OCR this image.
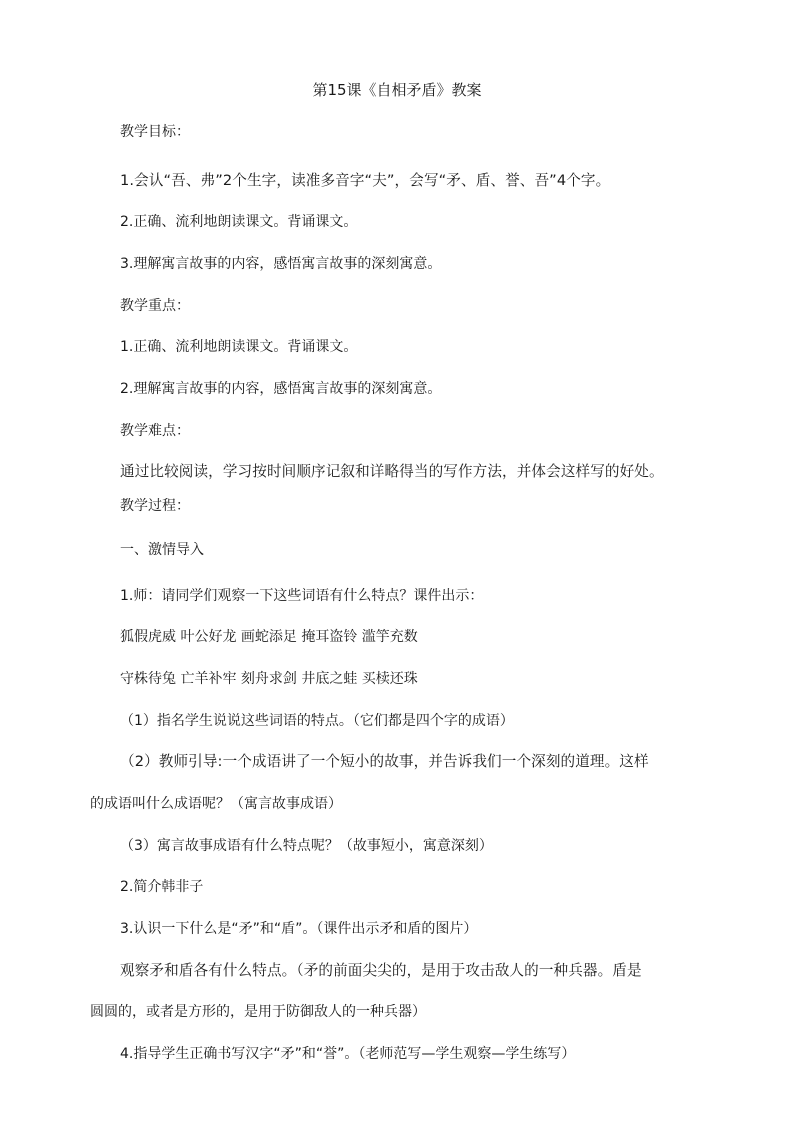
第15课《自相矛盾》教案
教学目标：
1.会认“吾、弗”2个生字，读准多音字“夫”，会写“矛、盾、誉、吾”4个字。
2.正确、流利地朗读课文。背诵课文。
3.理解寓言故事的内容，感悟寓言故事的深刻寓意。
教学重点：
1.正确、流利地朗读课文。背诵课文。
2.理解寓言故事的内容，感悟寓言故事的深刻寓意。
教学难点：
通过比较阅读，学习按时间顺序记叙和详略得当的写作方法，并体会这样写的好处。
教学过程：
一、激情导入
1.师：请同学们观察一下这些词语有什么特点？课件出示：
狐假虎威 叶公好龙 画蛇添足 掩耳盗铃 滥竽充数
守株待兔 亡羊补牢 刻舟求剑 井底之蛙 买椟还珠
（1）指名学生说说这些词语的特点。（它们都是四个字的成语）
（2）教师引导:一个成语讲了一个短小的故事，并告诉我们一个深刻的道理。这样
的成语叫什么成语呢？（寓言故事成语）
（3）寓言故事成语有什么特点呢？（故事短小，寓意深刻）
2.简介韩非子
3.认识一下什么是“矛”和“盾”。（课件出示矛和盾的图片）
观察矛和盾各有什么特点。（矛的前面尖尖的，是用于攻击敌人的一种兵器。盾是
圆圆的，或者是方形的，是用于防御敌人的一种兵器）
4.指导学生正确书写汉字“矛”和“誉”。（老师范写—学生观察—学生练写）
